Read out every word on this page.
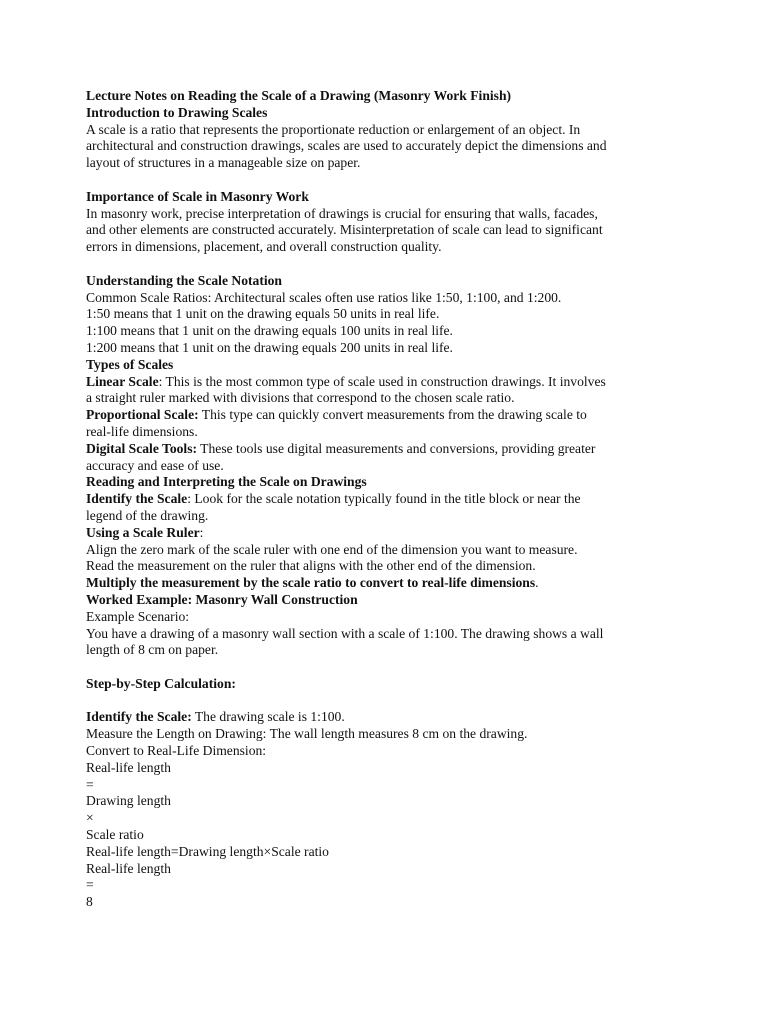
Lecture Notes on Reading the Scale of a Drawing (Masonry Work Finish)
Introduction to Drawing Scales
A scale is a ratio that represents the proportionate reduction or enlargement of an object. In
architectural and construction drawings, scales are used to accurately depict the dimensions and
layout of structures in a manageable size on paper.
Importance of Scale in Masonry Work
In masonry work, precise interpretation of drawings is crucial for ensuring that walls, facades,
and other elements are constructed accurately. Misinterpretation of scale can lead to significant
errors in dimensions, placement, and overall construction quality.
Understanding the Scale Notation
Common Scale Ratios: Architectural scales often use ratios like 1:50, 1:100, and 1:200.
1:50 means that 1 unit on the drawing equals 50 units in real life.
1:100 means that 1 unit on the drawing equals 100 units in real life.
1:200 means that 1 unit on the drawing equals 200 units in real life.
Types of Scales
Linear Scale: This is the most common type of scale used in construction drawings. It involves
a straight ruler marked with divisions that correspond to the chosen scale ratio.
Proportional Scale: This type can quickly convert measurements from the drawing scale to
real-life dimensions.
Digital Scale Tools: These tools use digital measurements and conversions, providing greater
accuracy and ease of use.
Reading and Interpreting the Scale on Drawings
Identify the Scale: Look for the scale notation typically found in the title block or near the
legend of the drawing.
Using a Scale Ruler:
Align the zero mark of the scale ruler with one end of the dimension you want to measure.
Read the measurement on the ruler that aligns with the other end of the dimension.
Multiply the measurement by the scale ratio to convert to real-life dimensions.
Worked Example: Masonry Wall Construction
Example Scenario:
You have a drawing of a masonry wall section with a scale of 1:100. The drawing shows a wall
length of 8 cm on paper.
Step-by-Step Calculation:
Identify the Scale: The drawing scale is 1:100.
Measure the Length on Drawing: The wall length measures 8 cm on the drawing.
Convert to Real-Life Dimension:
Real-life length
=
Drawing length
×
Scale ratio
Real-life length=Drawing length×Scale ratio
Real-life length
=
8
